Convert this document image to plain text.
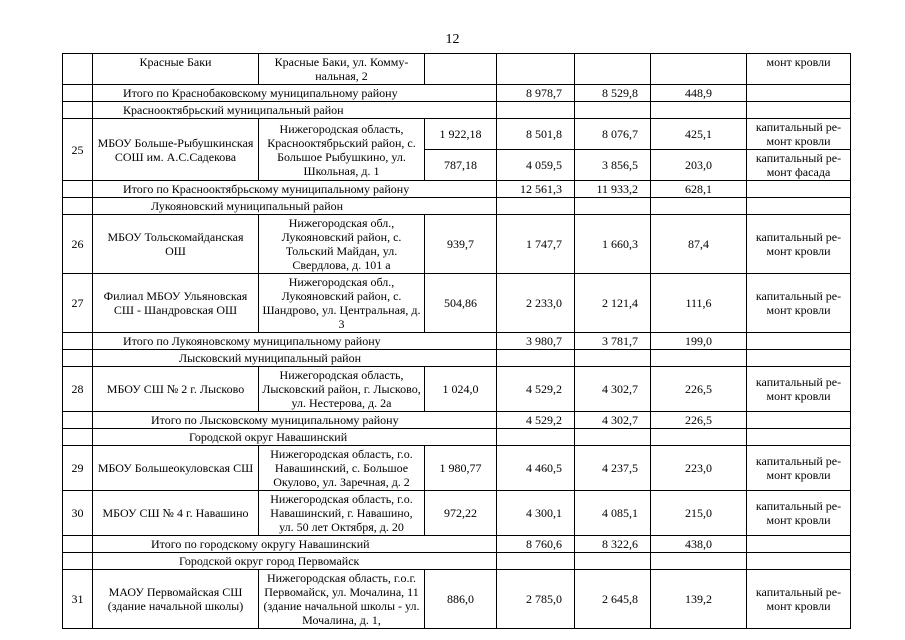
12
	Красные Баки	Красные Баки, ул. Комму-нальная, 2					монт кровли
	Итого по Краснобаковскому муниципальному району			8 978,7	8 529,8	448,9	
	Краснооктябрьский муниципальный район						
25	МБОУ Больше-Рыбушкинская СОШ им. А.С.Садекова	Нижегородская область, Краснооктябрьский район, с. Большое Рыбушкино, ул. Школьная, д. 1	1 922,18	8 501,8	8 076,7	425,1	капитальный ре-монт кровли
			787,18	4 059,5	3 856,5	203,0	капитальный ре-монт фасада
	Итого по Краснооктябрьскому муниципальному району			12 561,3	11 933,2	628,1	
	Лукояновский муниципальный район						
26	МБОУ Тольскомайданская ОШ	Нижегородская обл., Лукояновский район, с. Тольский Майдан, ул. Свердлова, д. 101 а	939,7	1 747,7	1 660,3	87,4	капитальный ре-монт кровли
27	Филиал МБОУ Ульяновская СШ - Шандровская ОШ	Нижегородская обл., Лукояновский район, с. Шандрово, ул. Центральная, д. 3	504,86	2 233,0	2 121,4	111,6	капитальный ре-монт кровли
	Итого по Лукояновскому муниципальному району			3 980,7	3 781,7	199,0	
	Лысковский муниципальный район						
28	МБОУ СШ № 2 г. Лысково	Нижегородская область, Лысковский район, г. Лысково, ул. Нестерова, д. 2а	1 024,0	4 529,2	4 302,7	226,5	капитальный ре-монт кровли
	Итого по Лысковскому муниципальному району			4 529,2	4 302,7	226,5	
	Городской округ Навашинский						
29	МБОУ Большеокуловская СШ	Нижегородская область, г.о. Навашинский, с. Большое Окулово, ул. Заречная, д. 2	1 980,77	4 460,5	4 237,5	223,0	капитальный ре-монт кровли
30	МБОУ СШ № 4 г. Навашино	Нижегородская область, г.о. Навашинский, г. Навашино, ул. 50 лет Октября, д. 20	972,22	4 300,1	4 085,1	215,0	капитальный ре-монт кровли
	Итого по городскому округу Навашинский			8 760,6	8 322,6	438,0	
	Городской округ город Первомайск						
31	МАОУ Первомайская СШ (здание начальной школы)	Нижегородская область, г.о.г. Первомайск, ул. Мочалина, 11 (здание начальной школы - ул. Мочалина, д. 1,	886,0	2 785,0	2 645,8	139,2	капитальный ре-монт кровли
